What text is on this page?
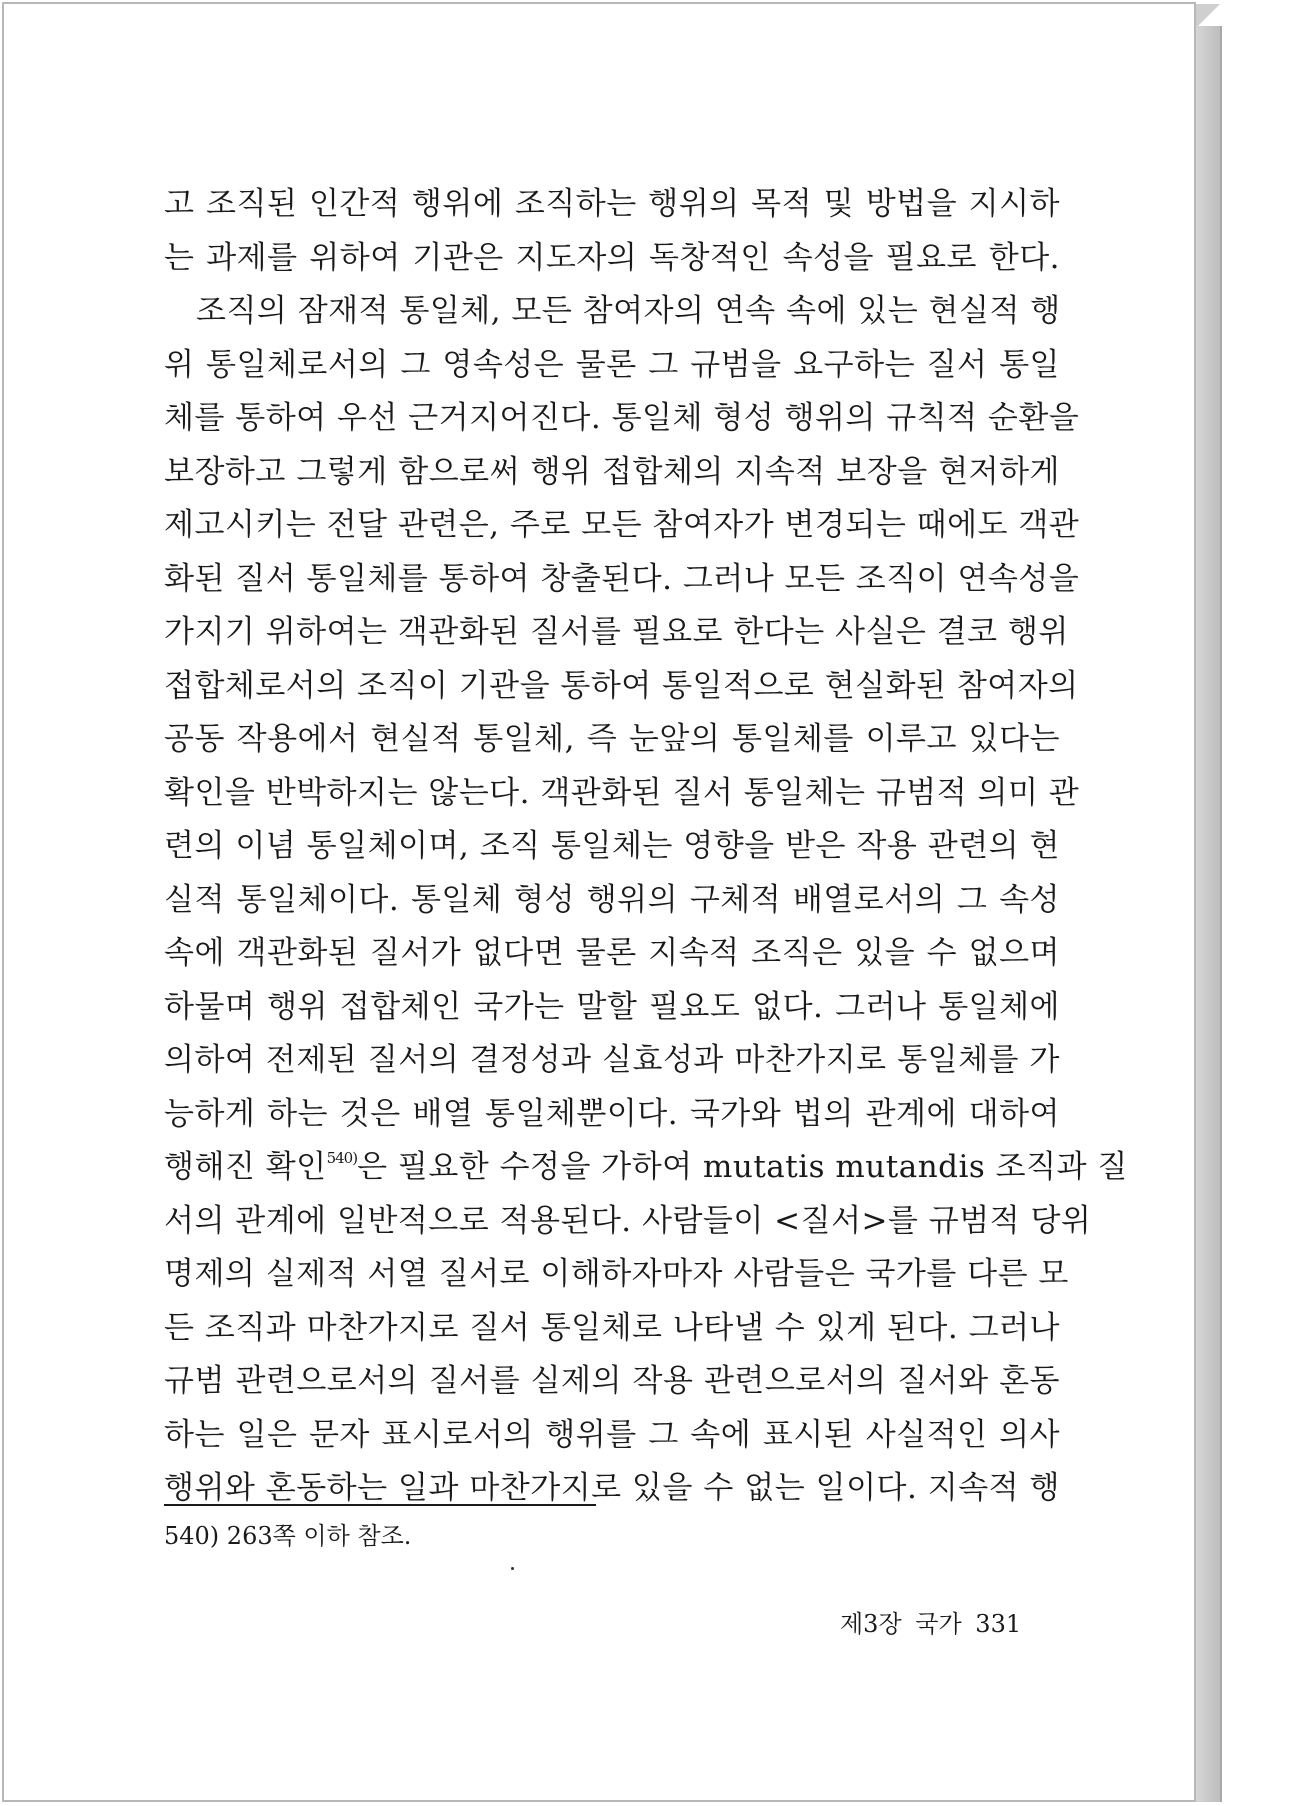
고 조직된 인간적 행위에 조직하는 행위의 목적 및 방법을 지시하
는 과제를 위하여 기관은 지도자의 독창적인 속성을 필요로 한다.
조직의 잠재적 통일체, 모든 참여자의 연속 속에 있는 현실적 행
위 통일체로서의 그 영속성은 물론 그 규범을 요구하는 질서 통일
체를 통하여 우선 근거지어진다. 통일체 형성 행위의 규칙적 순환을
보장하고 그렇게 함으로써 행위 접합체의 지속적 보장을 현저하게
제고시키는 전달 관련은, 주로 모든 참여자가 변경되는 때에도 객관
화된 질서 통일체를 통하여 창출된다. 그러나 모든 조직이 연속성을
가지기 위하여는 객관화된 질서를 필요로 한다는 사실은 결코 행위
접합체로서의 조직이 기관을 통하여 통일적으로 현실화된 참여자의
공동 작용에서 현실적 통일체, 즉 눈앞의 통일체를 이루고 있다는
확인을 반박하지는 않는다. 객관화된 질서 통일체는 규범적 의미 관
련의 이념 통일체이며, 조직 통일체는 영향을 받은 작용 관련의 현
실적 통일체이다. 통일체 형성 행위의 구체적 배열로서의 그 속성
속에 객관화된 질서가 없다면 물론 지속적 조직은 있을 수 없으며
하물며 행위 접합체인 국가는 말할 필요도 없다. 그러나 통일체에
의하여 전제된 질서의 결정성과 실효성과 마찬가지로 통일체를 가
능하게 하는 것은 배열 통일체뿐이다. 국가와 법의 관계에 대하여
행해진 확인$^{540)}$은 필요한 수정을 가하여 mutatis mutandis 조직과 질
서의 관계에 일반적으로 적용된다. 사람들이 <질서>를 규범적 당위
명제의 실제적 서열 질서로 이해하자마자 사람들은 국가를 다른 모
든 조직과 마찬가지로 질서 통일체로 나타낼 수 있게 된다. 그러나
규범 관련으로서의 질서를 실제의 작용 관련으로서의 질서와 혼동
하는 일은 문자 표시로서의 행위를 그 속에 표시된 사실적인 의사
행위와 혼동하는 일과 마찬가지로 있을 수 없는 일이다. 지속적 행
540) 263쪽 이하 참조.
제3장 국가 331
